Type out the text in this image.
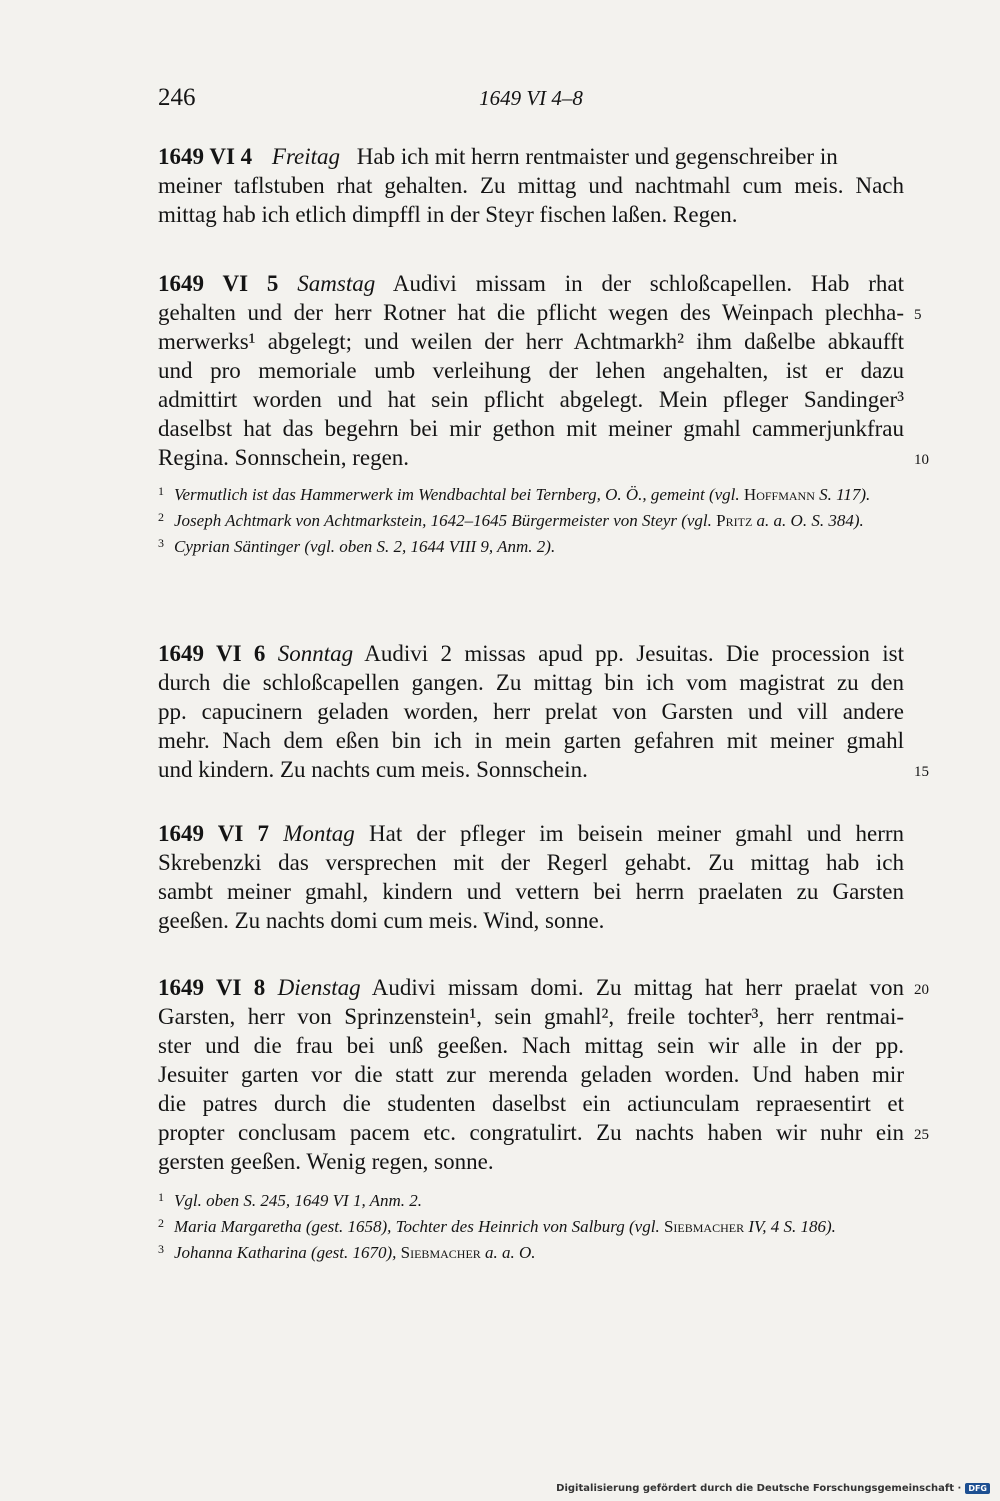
246	1649 VI 4–8
1649 VI 4 Freitag Hab ich mit herrn rentmaister und gegenschreiber in
meiner taflstuben rhat gehalten. Zu mittag und nachtmahl cum meis. Nach
mittag hab ich etlich dimpffl in der Steyr fischen laßen. Regen.
1649 VI 5 Samstag Audivi missam in der schloßcapellen. Hab rhat
gehalten und der herr Rotner hat die pflicht wegen des Weinpach plechha- 5
merwerks¹ abgelegt; und weilen der herr Achtmarkh² ihm daßelbe abkaufft
und pro memoriale umb verleihung der lehen angehalten, ist er dazu
admittirt worden und hat sein pflicht abgelegt. Mein pfleger Sandinger³
daselbst hat das begehrn bei mir gethon mit meiner gmahl cammerjunkfrau
Regina. Sonnschein, regen.	10
1 Vermutlich ist das Hammerwerk im Wendbachtal bei Ternberg, O. Ö., gemeint (vgl. Hoffmann S. 117).
2 Joseph Achtmark von Achtmarkstein, 1642–1645 Bürgermeister von Steyr (vgl. Pritz a. a. O. S. 384).
3 Cyprian Säntinger (vgl. oben S. 2, 1644 VIII 9, Anm. 2).
1649 VI 6 Sonntag Audivi 2 missas apud pp. Jesuitas. Die procession ist
durch die schloßcapellen gangen. Zu mittag bin ich vom magistrat zu den
pp. capucinern geladen worden, herr prelat von Garsten und vill andere
mehr. Nach dem eßen bin ich in mein garten gefahren mit meiner gmahl
und kindern. Zu nachts cum meis. Sonnschein.	15
1649 VI 7 Montag Hat der pfleger im beisein meiner gmahl und herrn
Skrebenzki das versprechen mit der Regerl gehabt. Zu mittag hab ich
sambt meiner gmahl, kindern und vettern bei herrn praelaten zu Garsten
geeßen. Zu nachts domi cum meis. Wind, sonne.
1649 VI 8 Dienstag Audivi missam domi. Zu mittag hat herr praelat von 20
Garsten, herr von Sprinzenstein¹, sein gmahl², freile tochter³, herr rentmai-
ster und die frau bei unß geeßen. Nach mittag sein wir alle in der pp.
Jesuiter garten vor die statt zur merenda geladen worden. Und haben mir
die patres durch die studenten daselbst ein actiunculam repraesentirt et
propter conclusam pacem etc. congratulirt. Zu nachts haben wir nuhr ein 25
gersten geeßen. Wenig regen, sonne.
1 Vgl. oben S. 245, 1649 VI 1, Anm. 2.
2 Maria Margaretha (gest. 1658), Tochter des Heinrich von Salburg (vgl. Siebmacher IV, 4 S. 186).
3 Johanna Katharina (gest. 1670), Siebmacher a. a. O.
Digitalisierung gefördert durch die Deutsche Forschungsgemeinschaft · DFG
